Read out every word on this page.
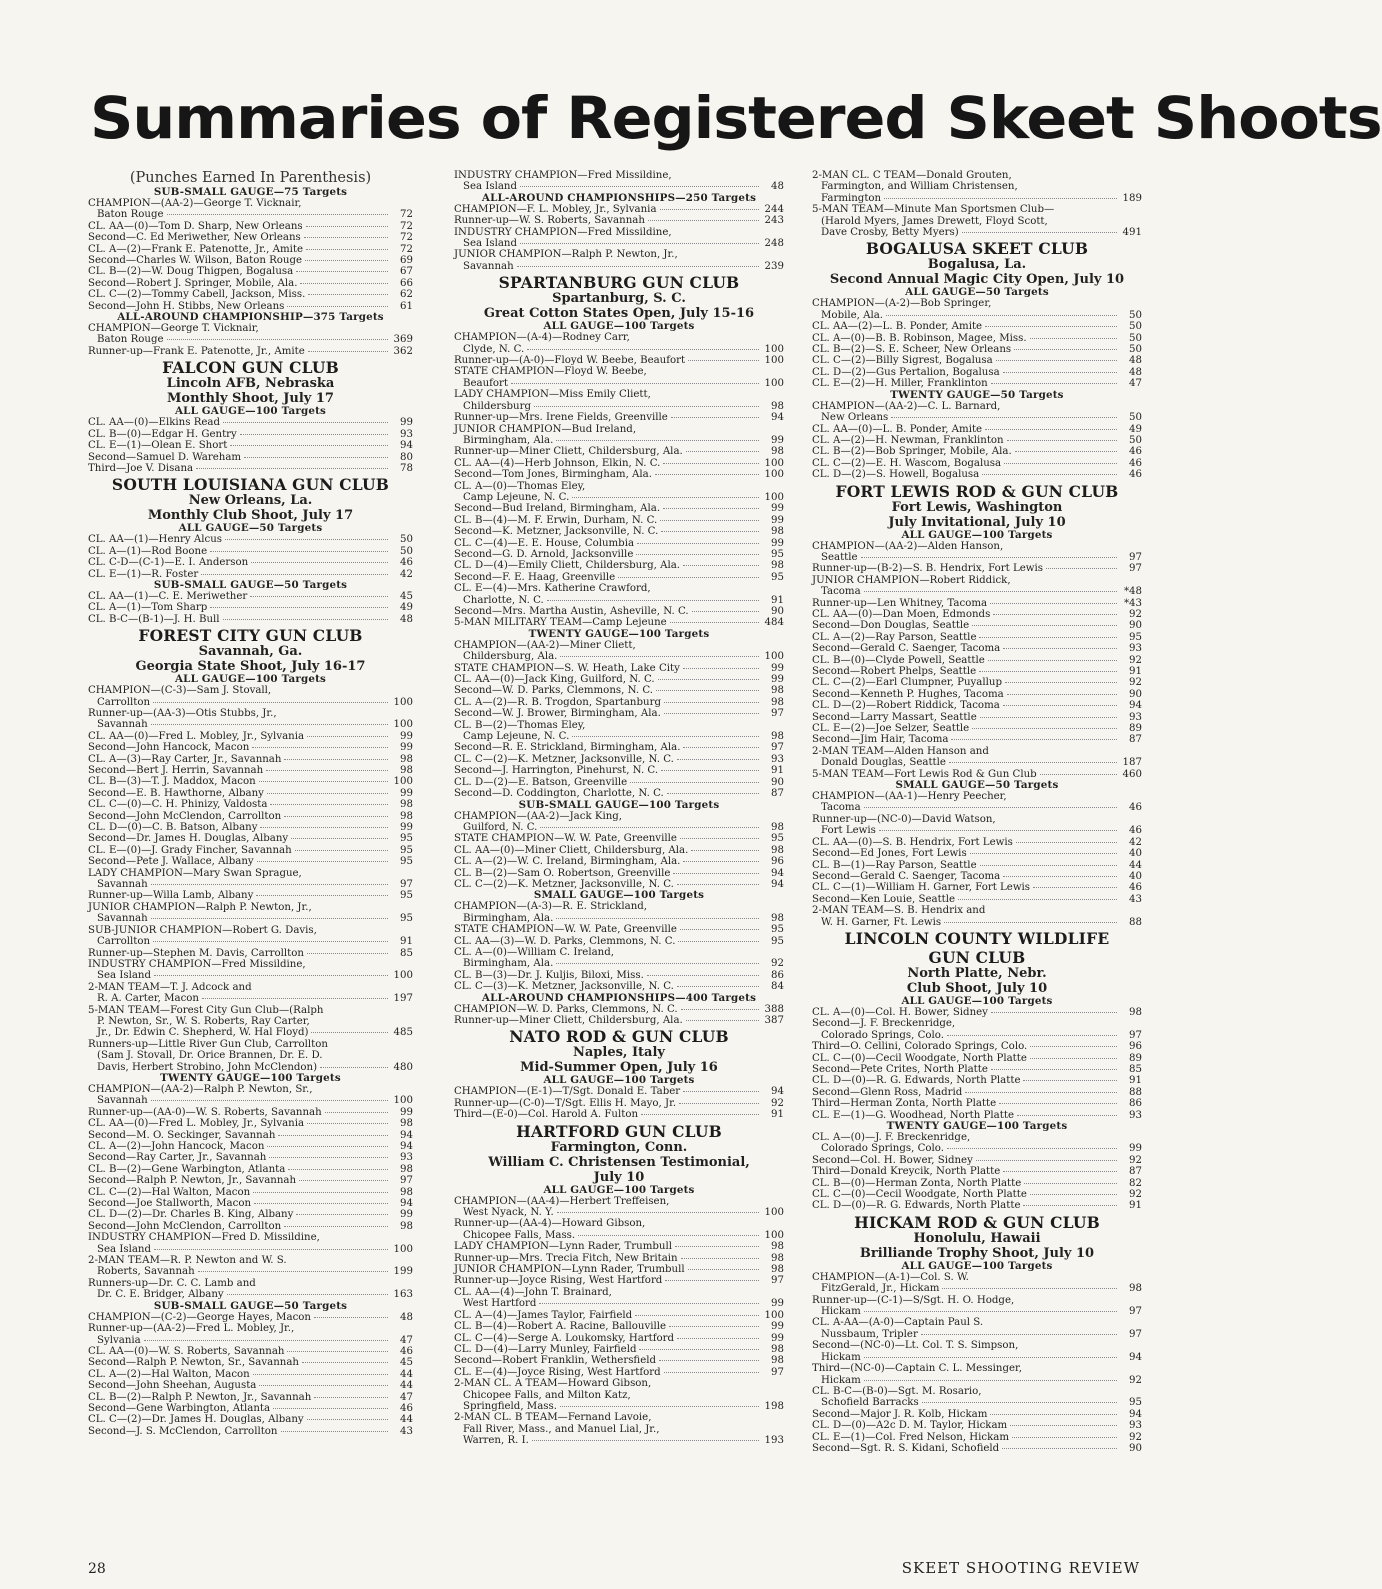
Summaries of Registered Skeet Shoots
(Punches Earned In Parenthesis)
SUB-SMALL GAUGE—75 Targets
CHAMPION—(AA-2)—George T. Vicknair,
Baton Rouge	72
CL. AA—(0)—Tom D. Sharp, New Orleans	72
Second—C. Ed Meriwether, New Orleans	72
CL. A—(2)—Frank E. Patenotte, Jr., Amite	72
Second—Charles W. Wilson, Baton Rouge	69
CL. B—(2)—W. Doug Thigpen, Bogalusa	67
Second—Robert J. Springer, Mobile, Ala.	66
CL. C—(2)—Tommy Cabell, Jackson, Miss.	62
Second—John H. Stibbs, New Orleans	61
ALL-AROUND CHAMPIONSHIP—375 Targets
CHAMPION—George T. Vicknair,
Baton Rouge	369
Runner-up—Frank E. Patenotte, Jr., Amite	362
FALCON GUN CLUB
Lincoln AFB, Nebraska
Monthly Shoot, July 17
ALL GAUGE—100 Targets
CL. AA—(0)—Elkins Read	99
CL. B—(0)—Edgar H. Gentry	93
CL. E—(1)—Olean E. Short	94
Second—Samuel D. Wareham	80
Third—Joe V. Disana	78
SOUTH LOUISIANA GUN CLUB
New Orleans, La.
Monthly Club Shoot, July 17
ALL GAUGE—50 Targets
CL. AA—(1)—Henry Alcus	50
CL. A—(1)—Rod Boone	50
CL. C-D—(C-1)—E. I. Anderson	46
CL. E—(1)—R. Foster	42
SUB-SMALL GAUGE—50 Targets
CL. AA—(1)—C. E. Meriwether	45
CL. A—(1)—Tom Sharp	49
CL. B-C—(B-1)—J. H. Bull	48
FOREST CITY GUN CLUB
Savannah, Ga.
Georgia State Shoot, July 16-17
ALL GAUGE—100 Targets
CHAMPION—(C-3)—Sam J. Stovall,
Carrollton	100
Runner-up—(AA-3)—Otis Stubbs, Jr.,
Savannah	100
CL. AA—(0)—Fred L. Mobley, Jr., Sylvania	99
Second—John Hancock, Macon	99
CL. A—(3)—Ray Carter, Jr., Savannah	98
Second—Bert J. Herrin, Savannah	98
CL. B—(3)—T. J. Maddox, Macon	100
Second—E. B. Hawthorne, Albany	99
CL. C—(0)—C. H. Phinizy, Valdosta	98
Second—John McClendon, Carrollton	98
CL. D—(0)—C. B. Batson, Albany	99
Second—Dr. James H. Douglas, Albany	95
CL. E—(0)—J. Grady Fincher, Savannah	95
Second—Pete J. Wallace, Albany	95
LADY CHAMPION—Mary Swan Sprague,
Savannah	97
Runner-up—Willa Lamb, Albany	95
JUNIOR CHAMPION—Ralph P. Newton, Jr.,
Savannah	95
SUB-JUNIOR CHAMPION—Robert G. Davis,
Carrollton	91
Runner-up—Stephen M. Davis, Carrollton	85
INDUSTRY CHAMPION—Fred Missildine,
Sea Island	100
2-MAN TEAM—T. J. Adcock and
R. A. Carter, Macon	197
5-MAN TEAM—Forest City Gun Club—(Ralph
P. Newton, Sr., W. S. Roberts, Ray Carter,
Jr., Dr. Edwin C. Shepherd, W. Hal Floyd)	485
Runners-up—Little River Gun Club, Carrollton
(Sam J. Stovall, Dr. Orice Brannen, Dr. E. D.
Davis, Herbert Strobino, John McClendon)	480
TWENTY GAUGE—100 Targets
CHAMPION—(AA-2)—Ralph P. Newton, Sr.,
Savannah	100
Runner-up—(AA-0)—W. S. Roberts, Savannah	99
CL. AA—(0)—Fred L. Mobley, Jr., Sylvania	98
Second—M. O. Seckinger, Savannah	94
CL. A—(2)—John Hancock, Macon	94
Second—Ray Carter, Jr., Savannah	93
CL. B—(2)—Gene Warbington, Atlanta	98
Second—Ralph P. Newton, Jr., Savannah	97
CL. C—(2)—Hal Walton, Macon	98
Second—Joe Stallworth, Macon	94
CL. D—(2)—Dr. Charles B. King, Albany	99
Second—John McClendon, Carrollton	98
INDUSTRY CHAMPION—Fred D. Missildine,
Sea Island	100
2-MAN TEAM—R. P. Newton and W. S.
Roberts, Savannah	199
Runners-up—Dr. C. C. Lamb and
Dr. C. E. Bridger, Albany	163
SUB-SMALL GAUGE—50 Targets
CHAMPION—(C-2)—George Hayes, Macon	48
Runner-up—(AA-2)—Fred L. Mobley, Jr.,
Sylvania	47
CL. AA—(0)—W. S. Roberts, Savannah	46
Second—Ralph P. Newton, Sr., Savannah	45
CL. A—(2)—Hal Walton, Macon	44
Second—John Sheehan, Augusta	44
CL. B—(2)—Ralph P. Newton, Jr., Savannah	47
Second—Gene Warbington, Atlanta	46
CL. C—(2)—Dr. James H. Douglas, Albany	44
Second—J. S. McClendon, Carrollton	43
INDUSTRY CHAMPION—Fred Missildine,
Sea Island	48
ALL-AROUND CHAMPIONSHIPS—250 Targets
CHAMPION—F. L. Mobley, Jr., Sylvania	244
Runner-up—W. S. Roberts, Savannah	243
INDUSTRY CHAMPION—Fred Missildine,
Sea Island	248
JUNIOR CHAMPION—Ralph P. Newton, Jr.,
Savannah	239
SPARTANBURG GUN CLUB
Spartanburg, S. C.
Great Cotton States Open, July 15-16
ALL GAUGE—100 Targets
CHAMPION—(A-4)—Rodney Carr,
Clyde, N. C.	100
Runner-up—(A-0)—Floyd W. Beebe, Beaufort	100
STATE CHAMPION—Floyd W. Beebe,
Beaufort	100
LADY CHAMPION—Miss Emily Cliett,
Childersburg	98
Runner-up—Mrs. Irene Fields, Greenville	94
JUNIOR CHAMPION—Bud Ireland,
Birmingham, Ala.	99
Runner-up—Miner Cliett, Childersburg, Ala.	98
CL. AA—(4)—Herb Johnson, Elkin, N. C.	100
Second—Tom Jones, Birmingham, Ala.	100
CL. A—(0)—Thomas Eley,
Camp Lejeune, N. C.	100
Second—Bud Ireland, Birmingham, Ala.	99
CL. B—(4)—M. F. Erwin, Durham, N. C.	99
Second—K. Metzner, Jacksonville, N. C.	98
CL. C—(4)—E. E. House, Columbia	99
Second—G. D. Arnold, Jacksonville	95
CL. D—(4)—Emily Cliett, Childersburg, Ala.	98
Second—F. E. Haag, Greenville	95
CL. E—(4)—Mrs. Katherine Crawford,
Charlotte, N. C.	91
Second—Mrs. Martha Austin, Asheville, N. C.	90
5-MAN MILITARY TEAM—Camp Lejeune	484
TWENTY GAUGE—100 Targets
CHAMPION—(AA-2)—Miner Cliett,
Childersburg, Ala.	100
STATE CHAMPION—S. W. Heath, Lake City	99
CL. AA—(0)—Jack King, Guilford, N. C.	99
Second—W. D. Parks, Clemmons, N. C.	98
CL. A—(2)—R. B. Trogdon, Spartanburg	98
Second—W. J. Brower, Birmingham, Ala.	97
CL. B—(2)—Thomas Eley,
Camp Lejeune, N. C.	98
Second—R. E. Strickland, Birmingham, Ala.	97
CL. C—(2)—K. Metzner, Jacksonville, N. C.	93
Second—J. Harrington, Pinehurst, N. C.	91
CL. D—(2)—E. Batson, Greenville	90
Second—D. Coddington, Charlotte, N. C.	87
SUB-SMALL GAUGE—100 Targets
CHAMPION—(AA-2)—Jack King,
Guilford, N. C.	98
STATE CHAMPION—W. W. Pate, Greenville	95
CL. AA—(0)—Miner Cliett, Childersburg, Ala.	98
CL. A—(2)—W. C. Ireland, Birmingham, Ala.	96
CL. B—(2)—Sam O. Robertson, Greenville	94
CL. C—(2)—K. Metzner, Jacksonville, N. C.	94
SMALL GAUGE—100 Targets
CHAMPION—(A-3)—R. E. Strickland,
Birmingham, Ala.	98
STATE CHAMPION—W. W. Pate, Greenville	95
CL. AA—(3)—W. D. Parks, Clemmons, N. C.	95
CL. A—(0)—William C. Ireland,
Birmingham, Ala.	92
CL. B—(3)—Dr. J. Kuljis, Biloxi, Miss.	86
CL. C—(3)—K. Metzner, Jacksonville, N. C.	84
ALL-AROUND CHAMPIONSHIPS—400 Targets
CHAMPION—W. D. Parks, Clemmons, N. C.	388
Runner-up—Miner Cliett, Childersburg, Ala.	387
NATO ROD & GUN CLUB
Naples, Italy
Mid-Summer Open, July 16
ALL GAUGE—100 Targets
CHAMPION—(E-1)—T/Sgt. Donald E. Taber	94
Runner-up—(C-0)—T/Sgt. Ellis H. Mayo, Jr.	92
Third—(E-0)—Col. Harold A. Fulton	91
HARTFORD GUN CLUB
Farmington, Conn.
William C. Christensen Testimonial,
July 10
ALL GAUGE—100 Targets
CHAMPION—(AA-4)—Herbert Treffeisen,
West Nyack, N. Y.	100
Runner-up—(AA-4)—Howard Gibson,
Chicopee Falls, Mass.	100
LADY CHAMPION—Lynn Rader, Trumbull	98
Runner-up—Mrs. Trecia Fitch, New Britain	98
JUNIOR CHAMPION—Lynn Rader, Trumbull	98
Runner-up—Joyce Rising, West Hartford	97
CL. AA—(4)—John T. Brainard,
West Hartford	99
CL. A—(4)—James Taylor, Fairfield	100
CL. B—(4)—Robert A. Racine, Ballouville	99
CL. C—(4)—Serge A. Loukomsky, Hartford	99
CL. D—(4)—Larry Munley, Fairfield	98
Second—Robert Franklin, Wethersfield	98
CL. E—(4)—Joyce Rising, West Hartford	97
2-MAN CL. A TEAM—Howard Gibson,
Chicopee Falls, and Milton Katz,
Springfield, Mass.	198
2-MAN CL. B TEAM—Fernand Lavoie,
Fall River, Mass., and Manuel Lial, Jr.,
Warren, R. I.	193
2-MAN CL. C TEAM—Donald Grouten,
Farmington, and William Christensen,
Farmington	189
5-MAN TEAM—Minute Man Sportsmen Club—
(Harold Myers, James Drewett, Floyd Scott,
Dave Crosby, Betty Myers)	491
BOGALUSA SKEET CLUB
Bogalusa, La.
Second Annual Magic City Open, July 10
ALL GAUGE—50 Targets
CHAMPION—(A-2)—Bob Springer,
Mobile, Ala.	50
CL. AA—(2)—L. B. Ponder, Amite	50
CL. A—(0)—B. B. Robinson, Magee, Miss.	50
CL. B—(2)—S. E. Scheer, New Orleans	50
CL. C—(2)—Billy Sigrest, Bogalusa	48
CL. D—(2)—Gus Pertalion, Bogalusa	48
CL. E—(2)—H. Miller, Franklinton	47
TWENTY GAUGE—50 Targets
CHAMPION—(AA-2)—C. L. Barnard,
New Orleans	50
CL. AA—(0)—L. B. Ponder, Amite	49
CL. A—(2)—H. Newman, Franklinton	50
CL. B—(2)—Bob Springer, Mobile, Ala.	46
CL. C—(2)—E. H. Wascom, Bogalusa	46
CL. D—(2)—S. Howell, Bogalusa	46
FORT LEWIS ROD & GUN CLUB
Fort Lewis, Washington
July Invitational, July 10
ALL GAUGE—100 Targets
CHAMPION—(AA-2)—Alden Hanson,
Seattle	97
Runner-up—(B-2)—S. B. Hendrix, Fort Lewis	97
JUNIOR CHAMPION—Robert Riddick,
Tacoma	*48
Runner-up—Len Whitney, Tacoma	*43
CL. AA—(0)—Dan Moen, Edmonds	92
Second—Don Douglas, Seattle	90
CL. A—(2)—Ray Parson, Seattle	95
Second—Gerald C. Saenger, Tacoma	93
CL. B—(0)—Clyde Powell, Seattle	92
Second—Robert Phelps, Seattle	91
CL. C—(2)—Earl Clumpner, Puyallup	92
Second—Kenneth P. Hughes, Tacoma	90
CL. D—(2)—Robert Riddick, Tacoma	94
Second—Larry Massart, Seattle	93
CL. E—(2)—Joe Selzer, Seattle	89
Second—Jim Hair, Tacoma	87
2-MAN TEAM—Alden Hanson and
Donald Douglas, Seattle	187
5-MAN TEAM—Fort Lewis Rod & Gun Club	460
SMALL GAUGE—50 Targets
CHAMPION—(AA-1)—Henry Peecher,
Tacoma	46
Runner-up—(NC-0)—David Watson,
Fort Lewis	46
CL. AA—(0)—S. B. Hendrix, Fort Lewis	42
Second—Ed Jones, Fort Lewis	40
CL. B—(1)—Ray Parson, Seattle	44
Second—Gerald C. Saenger, Tacoma	40
CL. C—(1)—William H. Garner, Fort Lewis	46
Second—Ken Louie, Seattle	43
2-MAN TEAM—S. B. Hendrix and
W. H. Garner, Ft. Lewis	88
LINCOLN COUNTY WILDLIFE
GUN CLUB
North Platte, Nebr.
Club Shoot, July 10
ALL GAUGE—100 Targets
CL. A—(0)—Col. H. Bower, Sidney	98
Second—J. F. Breckenridge,
Colorado Springs, Colo.	97
Third—O. Cellini, Colorado Springs, Colo.	96
CL. C—(0)—Cecil Woodgate, North Platte	89
Second—Pete Crites, North Platte	85
CL. D—(0)—R. G. Edwards, North Platte	91
Second—Glenn Ross, Madrid	88
Third—Herman Zonta, North Platte	86
CL. E—(1)—G. Woodhead, North Platte	93
TWENTY GAUGE—100 Targets
CL. A—(0)—J. F. Breckenridge,
Colorado Springs, Colo.	99
Second—Col. H. Bower, Sidney	92
Third—Donald Kreycik, North Platte	87
CL. B—(0)—Herman Zonta, North Platte	82
CL. C—(0)—Cecil Woodgate, North Platte	92
CL. D—(0)—R. G. Edwards, North Platte	91
HICKAM ROD & GUN CLUB
Honolulu, Hawaii
Brilliande Trophy Shoot, July 10
ALL GAUGE—100 Targets
CHAMPION—(A-1)—Col. S. W.
FitzGerald, Jr., Hickam	98
Runner-up—(C-1)—S/Sgt. H. O. Hodge,
Hickam	97
CL. A-AA—(A-0)—Captain Paul S.
Nussbaum, Tripler	97
Second—(NC-0)—Lt. Col. T. S. Simpson,
Hickam	94
Third—(NC-0)—Captain C. L. Messinger,
Hickam	92
CL. B-C—(B-0)—Sgt. M. Rosario,
Schofield Barracks	95
Second—Major J. R. Kolb, Hickam	94
CL. D—(0)—A2c D. M. Taylor, Hickam	93
CL. E—(1)—Col. Fred Nelson, Hickam	92
Second—Sgt. R. S. Kidani, Schofield	90
28	SKEET SHOOTING REVIEW
